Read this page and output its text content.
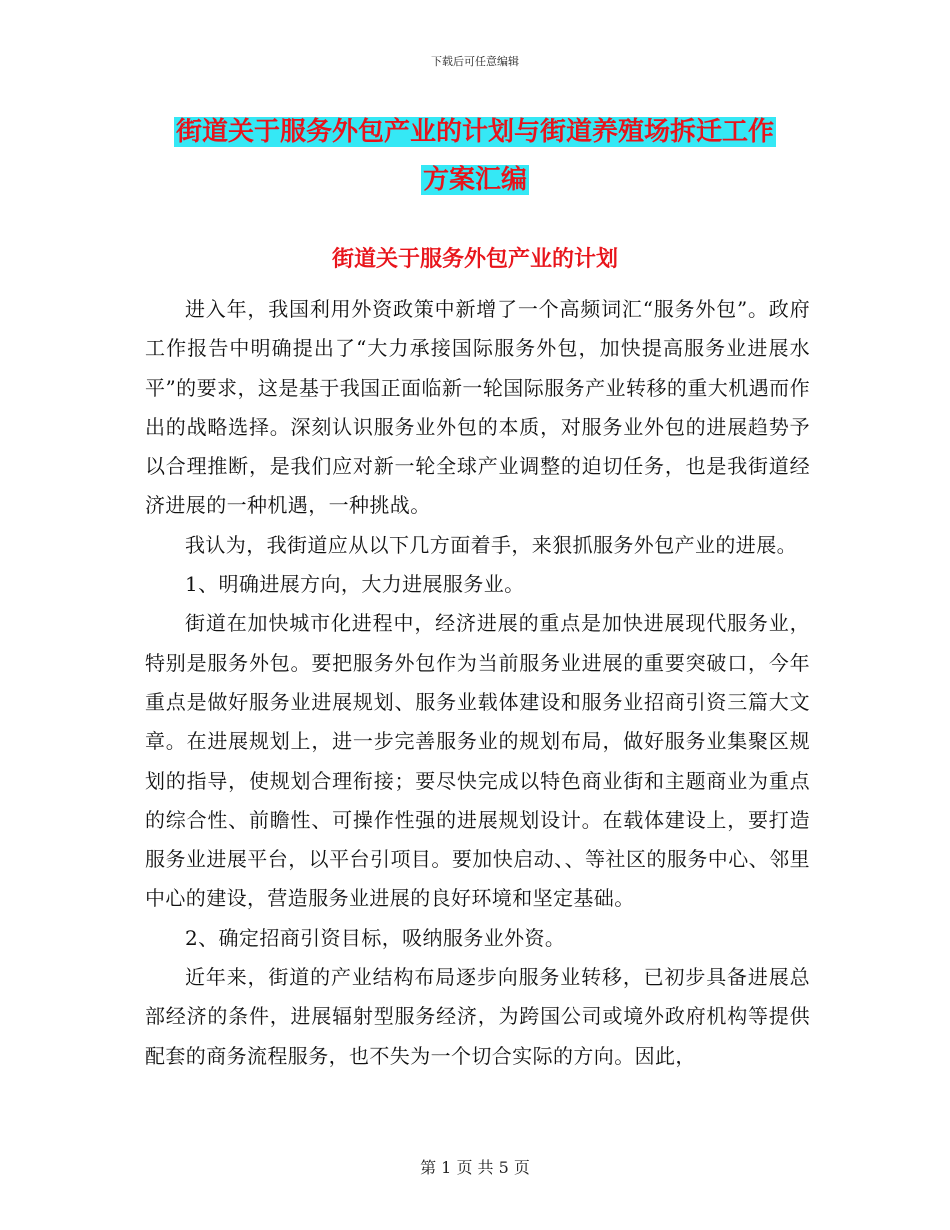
下载后可任意编辑
街道关于服务外包产业的计划与街道养殖场拆迁工作
方案汇编
街道关于服务外包产业的计划

进入年，我国利用外资政策中新增了一个高频词汇“服务外包”。政府工作报告中明确提出了“大力承接国际服务外包，加快提高服务业进展水平”的要求，这是基于我国正面临新一轮国际服务产业转移的重大机遇而作出的战略选择。深刻认识服务业外包的本质，对服务业外包的进展趋势予以合理推断，是我们应对新一轮全球产业调整的迫切任务，也是我街道经济进展的一种机遇，一种挑战。

我认为，我街道应从以下几方面着手，来狠抓服务外包产业的进展。

1、明确进展方向，大力进展服务业。

街道在加快城市化进程中，经济进展的重点是加快进展现代服务业，特别是服务外包。要把服务外包作为当前服务业进展的重要突破口，今年重点是做好服务业进展规划、服务业载体建设和服务业招商引资三篇大文章。在进展规划上，进一步完善服务业的规划布局，做好服务业集聚区规划的指导，使规划合理衔接；要尽快完成以特色商业街和主题商业为重点的综合性、前瞻性、可操作性强的进展规划设计。在载体建设上，要打造服务业进展平台，以平台引项目。要加快启动、、等社区的服务中心、邻里中心的建设，营造服务业进展的良好环境和坚定基础。

2、确定招商引资目标，吸纳服务业外资。

近年来，街道的产业结构布局逐步向服务业转移，已初步具备进展总部经济的条件，进展辐射型服务经济，为跨国公司或境外政府机构等提供配套的商务流程服务，也不失为一个切合实际的方向。因此，

第 1 页 共 5 页
